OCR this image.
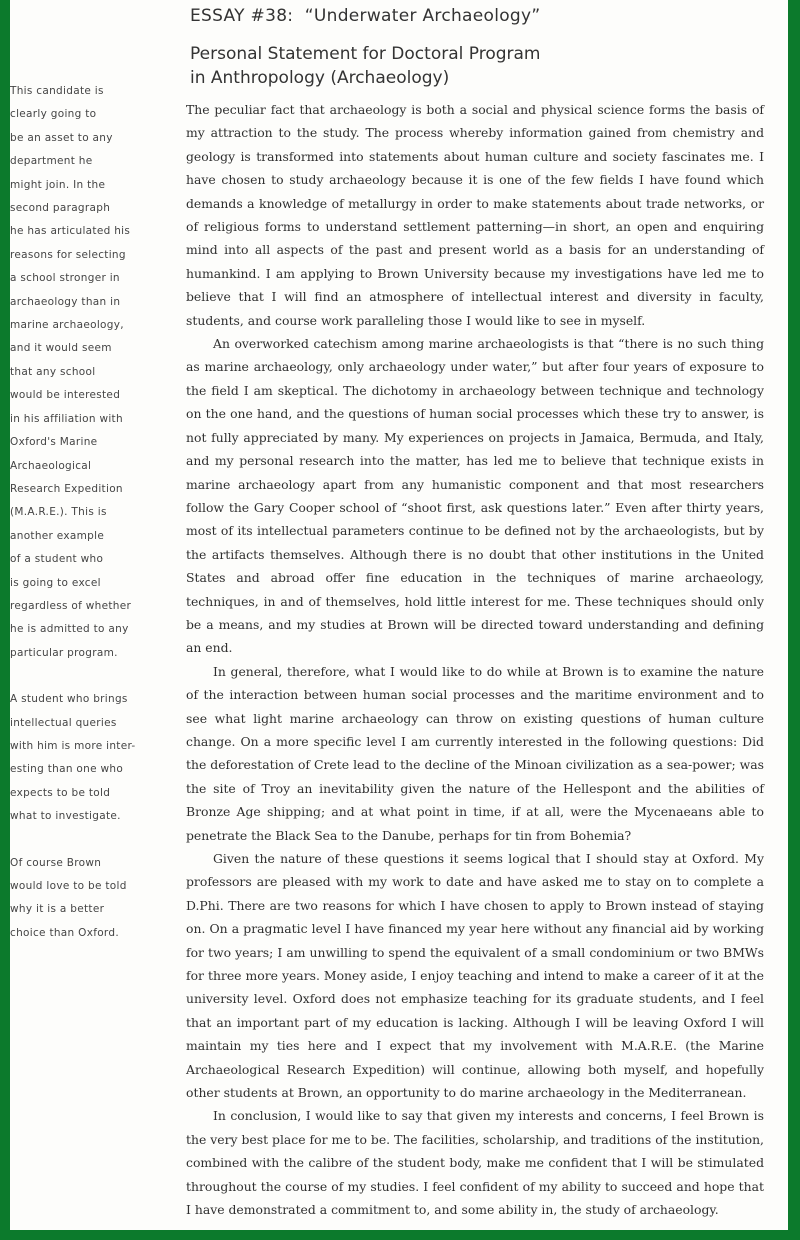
ESSAY #38: “Underwater Archaeology”
Personal Statement for Doctoral Program
in Anthropology (Archaeology)
This candidate is
clearly going to
be an asset to any
department he
might join. In the
second paragraph
he has articulated his
reasons for selecting
a school stronger in
archaeology than in
marine archaeology,
and it would seem
that any school
would be interested
in his affiliation with
Oxford's Marine
Archaeological
Research Expedition
(M.A.R.E.). This is
another example
of a student who
is going to excel
regardless of whether
he is admitted to any
particular program.
A student who brings
intellectual queries
with him is more inter-
esting than one who
expects to be told
what to investigate.
Of course Brown
would love to be told
why it is a better
choice than Oxford.

The peculiar fact that archaeology is both a social and physical science forms the basis of my attraction to the study. The process whereby information gained from chemistry and geology is transformed into statements about human culture and society fascinates me. I have chosen to study archaeology because it is one of the few fields I have found which demands a knowledge of metallurgy in order to make statements about trade networks, or of religious forms to understand settlement patterning—in short, an open and enquiring mind into all aspects of the past and present world as a basis for an understanding of humankind. I am applying to Brown University because my investigations have led me to believe that I will find an atmosphere of intellectual interest and diversity in faculty, students, and course work paralleling those I would like to see in myself.

An overworked catechism among marine archaeologists is that “there is no such thing as marine archaeology, only archaeology under water,” but after four years of exposure to the field I am skeptical. The dichotomy in archaeology between technique and technology on the one hand, and the questions of human social processes which these try to answer, is not fully appreciated by many. My experiences on projects in Jamaica, Bermuda, and Italy, and my personal research into the matter, has led me to believe that technique exists in marine archaeology apart from any humanistic component and that most researchers follow the Gary Cooper school of “shoot first, ask questions later.” Even after thirty years, most of its intellectual parameters continue to be defined not by the archaeologists, but by the artifacts themselves. Although there is no doubt that other institutions in the United States and abroad offer fine education in the techniques of marine archaeology, techniques, in and of themselves, hold little interest for me. These techniques should only be a means, and my studies at Brown will be directed toward understanding and defining an end.

In general, therefore, what I would like to do while at Brown is to examine the nature of the interaction between human social processes and the maritime environment and to see what light marine archaeology can throw on existing questions of human culture change. On a more specific level I am currently interested in the following questions: Did the deforestation of Crete lead to the decline of the Minoan civilization as a sea-power; was the site of Troy an inevitability given the nature of the Hellespont and the abilities of Bronze Age shipping; and at what point in time, if at all, were the Mycenaeans able to penetrate the Black Sea to the Danube, perhaps for tin from Bohemia?

Given the nature of these questions it seems logical that I should stay at Oxford. My professors are pleased with my work to date and have asked me to stay on to complete a D.Phi. There are two reasons for which I have chosen to apply to Brown instead of staying on. On a pragmatic level I have financed my year here without any financial aid by working for two years; I am unwilling to spend the equivalent of a small condominium or two BMWs for three more years. Money aside, I enjoy teaching and intend to make a career of it at the university level. Oxford does not emphasize teaching for its graduate students, and I feel that an important part of my education is lacking. Although I will be leaving Oxford I will maintain my ties here and I expect that my involvement with M.A.R.E. (the Marine Archaeological Research Expedition) will continue, allowing both myself, and hopefully other students at Brown, an opportunity to do marine archaeology in the Mediterranean.

In conclusion, I would like to say that given my interests and concerns, I feel Brown is the very best place for me to be. The facilities, scholarship, and traditions of the institution, combined with the calibre of the student body, make me confident that I will be stimulated throughout the course of my studies. I feel confident of my ability to succeed and hope that I have demonstrated a commitment to, and some ability in, the study of archaeology.
